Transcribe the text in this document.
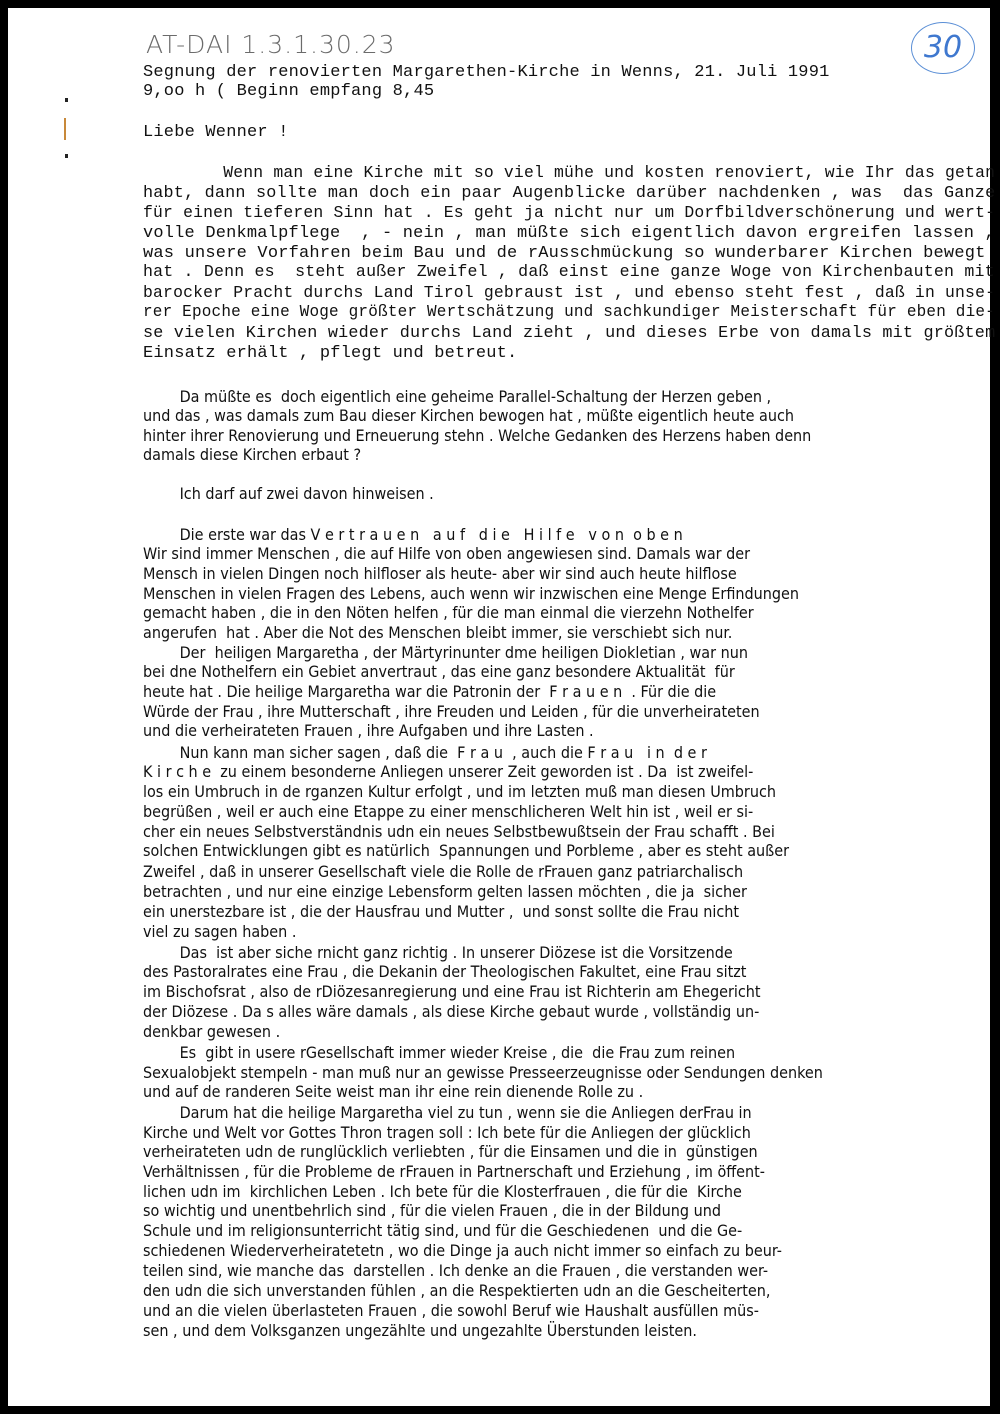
AT-DAI 1.3.1.30.23	30
Segnung der renovierten Margarethen-Kirche in Wenns, 21. Juli 1991
9,oo h ( Beginn empfang 8,45
Liebe Wenner !
Wenn man eine Kirche mit so viel mühe und kosten renoviert, wie Ihr das getan
habt, dann sollte man doch ein paar Augenblicke darüber nachdenken , was  das Ganze
für einen tieferen Sinn hat . Es geht ja nicht nur um Dorfbildverschönerung und wert-
volle Denkmalpflege  , - nein , man müßte sich eigentlich davon ergreifen lassen ,
was unsere Vorfahren beim Bau und de rAusschmückung so wunderbarer Kirchen bewegt
hat . Denn es  steht außer Zweifel , daß einst eine ganze Woge von Kirchenbauten mit
barocker Pracht durchs Land Tirol gebraust ist , und ebenso steht fest , daß in unse-
rer Epoche eine Woge größter Wertschätzung und sachkundiger Meisterschaft für eben die-
se vielen Kirchen wieder durchs Land zieht , und dieses Erbe von damals mit größtem
Einsatz erhält , pflegt und betreut.
Da müßte es  doch eigentlich eine geheime Parallel-Schaltung der Herzen geben ,
und das , was damals zum Bau dieser Kirchen bewogen hat , müßte eigentlich heute auch
hinter ihrer Renovierung und Erneuerung stehn . Welche Gedanken des Herzens haben denn
damals diese Kirchen erbaut ?
Ich darf auf zwei davon hinweisen .
Die erste war das V e r t r a u e n   a u f   d i e   H i l f e   v o n  o b e n
Wir sind immer Menschen , die auf Hilfe von oben angewiesen sind. Damals war der
Mensch in vielen Dingen noch hilfloser als heute- aber wir sind auch heute hilflose
Menschen in vielen Fragen des Lebens, auch wenn wir inzwischen eine Menge Erfindungen
gemacht haben , die in den Nöten helfen , für die man einmal die vierzehn Nothelfer
angerufen  hat . Aber die Not des Menschen bleibt immer, sie verschiebt sich nur.
Der  heiligen Margaretha , der Märtyrinunter dme heiligen Diokletian , war nun
bei dne Nothelfern ein Gebiet anvertraut , das eine ganz besondere Aktualität  für
heute hat . Die heilige Margaretha war die Patronin der  F r a u e n  . Für die die
Würde der Frau , ihre Mutterschaft , ihre Freuden und Leiden , für die unverheirateten
und die verheirateten Frauen , ihre Aufgaben und ihre Lasten .
Nun kann man sicher sagen , daß die  F r a u  , auch die F r a u   i n  d e r
K i r c h e  zu einem besonderne Anliegen unserer Zeit geworden ist . Da  ist zweifel-
los ein Umbruch in de rganzen Kultur erfolgt , und im letzten muß man diesen Umbruch
begrüßen , weil er auch eine Etappe zu einer menschlicheren Welt hin ist , weil er si-
cher ein neues Selbstverständnis udn ein neues Selbstbewußtsein der Frau schafft . Bei
solchen Entwicklungen gibt es natürlich  Spannungen und Porbleme , aber es steht außer
Zweifel , daß in unserer Gesellschaft viele die Rolle de rFrauen ganz patriarchalisch
betrachten , und nur eine einzige Lebensform gelten lassen möchten , die ja  sicher
ein unerstezbare ist , die der Hausfrau und Mutter ,  und sonst sollte die Frau nicht
viel zu sagen haben .
Das  ist aber siche rnicht ganz richtig . In unserer Diözese ist die Vorsitzende
des Pastoralrates eine Frau , die Dekanin der Theologischen Fakultet, eine Frau sitzt
im Bischofsrat , also de rDiözesanregierung und eine Frau ist Richterin am Ehegericht
der Diözese . Da s alles wäre damals , als diese Kirche gebaut wurde , vollständig un-
denkbar gewesen .
Es  gibt in usere rGesellschaft immer wieder Kreise , die  die Frau zum reinen
Sexualobjekt stempeln - man muß nur an gewisse Presseerzeugnisse oder Sendungen denken
und auf de randeren Seite weist man ihr eine rein dienende Rolle zu .
Darum hat die heilige Margaretha viel zu tun , wenn sie die Anliegen derFrau in
Kirche und Welt vor Gottes Thron tragen soll : Ich bete für die Anliegen der glücklich
verheirateten udn de runglücklich verliebten , für die Einsamen und die in  günstigen
Verhältnissen , für die Probleme de rFrauen in Partnerschaft und Erziehung , im öffent-
lichen udn im  kirchlichen Leben . Ich bete für die Klosterfrauen , die für die  Kirche
so wichtig und unentbehrlich sind , für die vielen Frauen , die in der Bildung und
Schule und im religionsunterricht tätig sind, und für die Geschiedenen  und die Ge-
schiedenen Wiederverheiratetetn , wo die Dinge ja auch nicht immer so einfach zu beur-
teilen sind, wie manche das  darstellen . Ich denke an die Frauen , die verstanden wer-
den udn die sich unverstanden fühlen , an die Respektierten udn an die Gescheiterten,
und an die vielen überlasteten Frauen , die sowohl Beruf wie Haushalt ausfüllen müs-
sen , und dem Volksganzen ungezählte und ungezahlte Überstunden leisten.
